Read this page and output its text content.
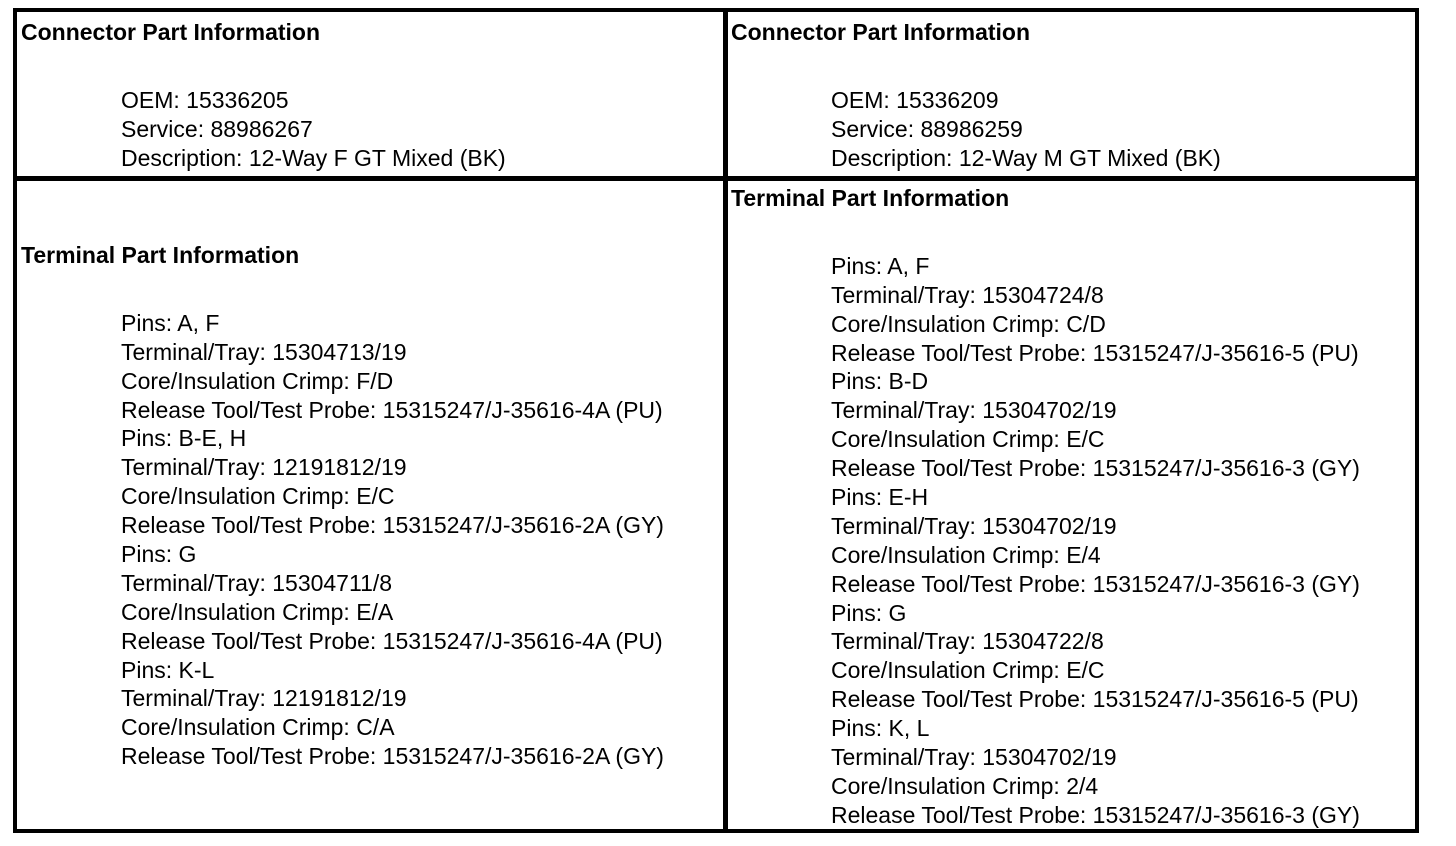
Connector Part Information
OEM: 15336205
Service: 88986267
Description: 12-Way F GT Mixed (BK)
Connector Part Information
OEM: 15336209
Service: 88986259
Description: 12-Way M GT Mixed (BK)
Terminal Part Information
Pins: A, F
Terminal/Tray: 15304713/19
Core/Insulation Crimp: F/D
Release Tool/Test Probe: 15315247/J-35616-4A (PU)
Pins: B-E, H
Terminal/Tray: 12191812/19
Core/Insulation Crimp: E/C
Release Tool/Test Probe: 15315247/J-35616-2A (GY)
Pins: G
Terminal/Tray: 15304711/8
Core/Insulation Crimp: E/A
Release Tool/Test Probe: 15315247/J-35616-4A (PU)
Pins: K-L
Terminal/Tray: 12191812/19
Core/Insulation Crimp: C/A
Release Tool/Test Probe: 15315247/J-35616-2A (GY)
Terminal Part Information
Pins: A, F
Terminal/Tray: 15304724/8
Core/Insulation Crimp: C/D
Release Tool/Test Probe: 15315247/J-35616-5 (PU)
Pins: B-D
Terminal/Tray: 15304702/19
Core/Insulation Crimp: E/C
Release Tool/Test Probe: 15315247/J-35616-3 (GY)
Pins: E-H
Terminal/Tray: 15304702/19
Core/Insulation Crimp: E/4
Release Tool/Test Probe: 15315247/J-35616-3 (GY)
Pins: G
Terminal/Tray: 15304722/8
Core/Insulation Crimp: E/C
Release Tool/Test Probe: 15315247/J-35616-5 (PU)
Pins: K, L
Terminal/Tray: 15304702/19
Core/Insulation Crimp: 2/4
Release Tool/Test Probe: 15315247/J-35616-3 (GY)
